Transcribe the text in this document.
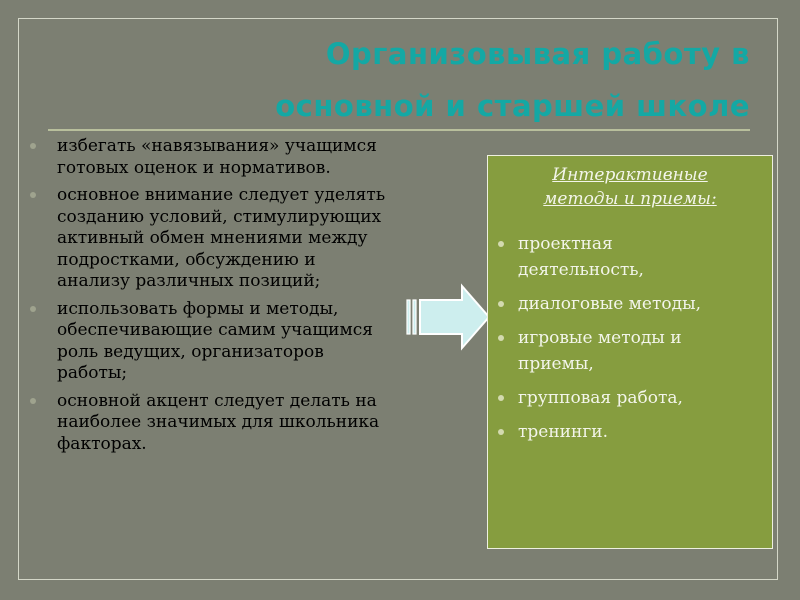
Организовывая работу в
основной и старшей школе
избегать «навязывания» учащимся
готовых оценок и нормативов.
основное внимание следует уделять
созданию условий, стимулирующих
активный обмен мнениями между
подростками, обсуждению и
анализу различных позиций;
использовать формы и методы,
обеспечивающие самим учащимся
роль ведущих, организаторов
работы;
основной акцент следует делать на
наиболее значимых для школьника
факторах.
Интерактивные
методы и приемы:
проектная
деятельность,
диалоговые методы,
игровые методы и
приемы,
групповая работа,
тренинги.
